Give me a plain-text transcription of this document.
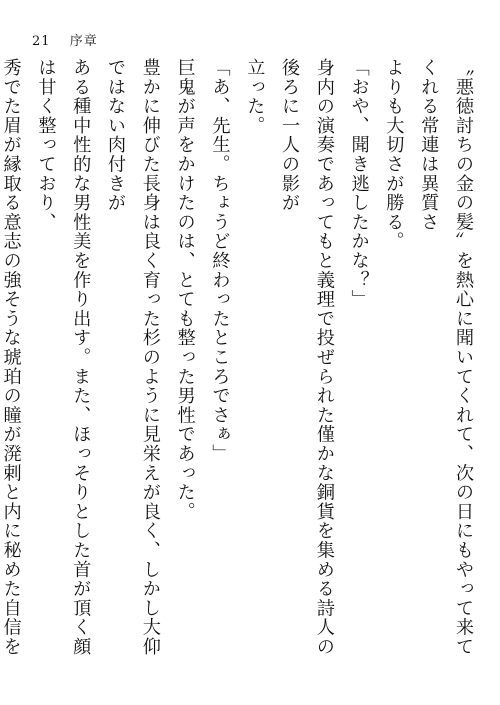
21 序章

〝悪徳討ちの金の髪〟を熱心に聞いてくれて、次の日にもやって来てくれる常連は異質さ

よりも大切さが勝る。

「おや、聞き逃したかな？」

身内の演奏であってもと義理で投ぜられた僅かな銅貨を集める詩人の後ろに一人の影が

立った。

「あ、先生。ちょうど終わったところでさぁ」

巨鬼が声をかけたのは、とても整った男性であった。

豊かに伸びた長身は良く育った杉のように見栄えが良く、しかし大仰ではない肉付きが

ある種中性的な男性美を作り出す。また、ほっそりとした首が頂く顔は甘く整っており、

秀でた眉が縁取る意志の強そうな琥珀の瞳が溌剌と内に秘めた自信を
